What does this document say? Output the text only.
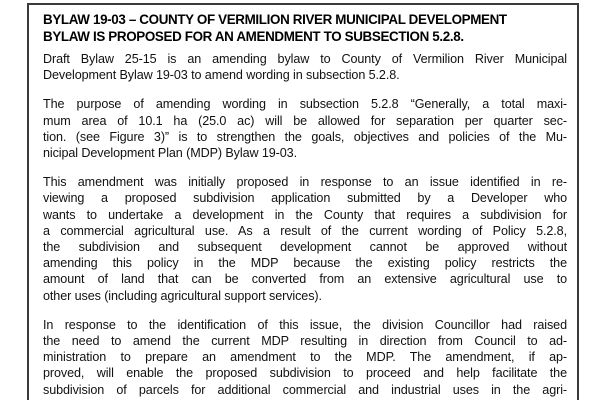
BYLAW 19-03 – COUNTY OF VERMILION RIVER MUNICIPAL DEVELOPMENT
BYLAW IS PROPOSED FOR AN AMENDMENT TO SUBSECTION 5.2.8.
Draft Bylaw 25-15 is an amending bylaw to County of Vermilion River Municipal
Development Bylaw 19-03 to amend wording in subsection 5.2.8.
The purpose of amending wording in subsection 5.2.8 “Generally, a total maxi-
mum area of 10.1 ha (25.0 ac) will be allowed for separation per quarter sec-
tion. (see Figure 3)” is to strengthen the goals, objectives and policies of the Mu-
nicipal Development Plan (MDP) Bylaw 19-03.
This amendment was initially proposed in response to an issue identified in re-
viewing a proposed subdivision application submitted by a Developer who
wants to undertake a development in the County that requires a subdivision for
a commercial agricultural use. As a result of the current wording of Policy 5.2.8,
the subdivision and subsequent development cannot be approved without
amending this policy in the MDP because the existing policy restricts the
amount of land that can be converted from an extensive agricultural use to
other uses (including agricultural support services).
In response to the identification of this issue, the division Councillor had raised
the need to amend the current MDP resulting in direction from Council to ad-
ministration to prepare an amendment to the MDP. The amendment, if ap-
proved, will enable the proposed subdivision to proceed and help facilitate the
subdivision of parcels for additional commercial and industrial uses in the agri-
